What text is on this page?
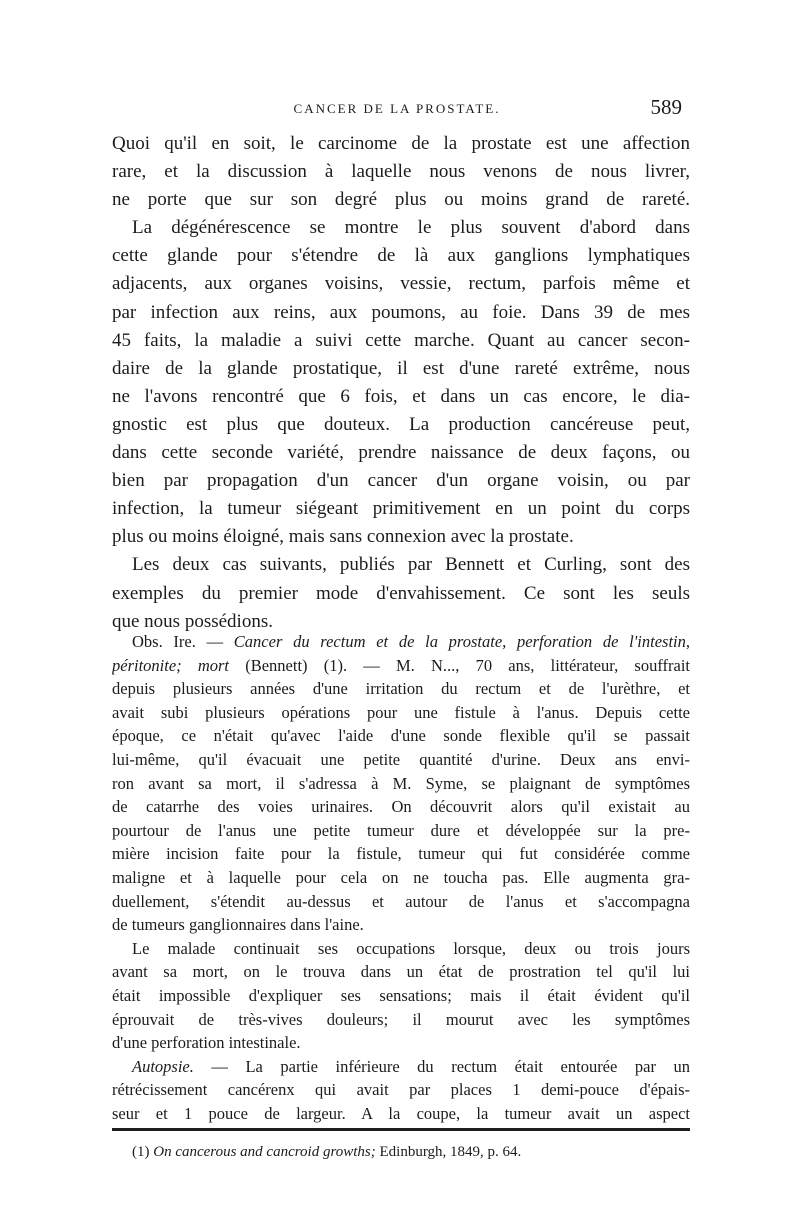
CANCER DE LA PROSTATE.	589
Quoi qu'il en soit, le carcinome de la prostate est une affection
rare, et la discussion à laquelle nous venons de nous livrer,
ne porte que sur son degré plus ou moins grand de rareté.
La dégénérescence se montre le plus souvent d'abord dans
cette glande pour s'étendre de là aux ganglions lymphatiques
adjacents, aux organes voisins, vessie, rectum, parfois même et
par infection aux reins, aux poumons, au foie. Dans 39 de mes
45 faits, la maladie a suivi cette marche. Quant au cancer secon-
daire de la glande prostatique, il est d'une rareté extrême, nous
ne l'avons rencontré que 6 fois, et dans un cas encore, le dia-
gnostic est plus que douteux. La production cancéreuse peut,
dans cette seconde variété, prendre naissance de deux façons, ou
bien par propagation d'un cancer d'un organe voisin, ou par
infection, la tumeur siégeant primitivement en un point du corps
plus ou moins éloigné, mais sans connexion avec la prostate.
Les deux cas suivants, publiés par Bennett et Curling, sont des
exemples du premier mode d'envahissement. Ce sont les seuls
que nous possédions.
Obs. Ire. — Cancer du rectum et de la prostate, perforation de l'intestin,
péritonite; mort (Bennett) (1). — M. N..., 70 ans, littérateur, souffrait
depuis plusieurs années d'une irritation du rectum et de l'urèthre, et
avait subi plusieurs opérations pour une fistule à l'anus. Depuis cette
époque, ce n'était qu'avec l'aide d'une sonde flexible qu'il se passait
lui-même, qu'il évacuait une petite quantité d'urine. Deux ans envi-
ron avant sa mort, il s'adressa à M. Syme, se plaignant de symptômes
de catarrhe des voies urinaires. On découvrit alors qu'il existait au
pourtour de l'anus une petite tumeur dure et développée sur la pre-
mière incision faite pour la fistule, tumeur qui fut considérée comme
maligne et à laquelle pour cela on ne toucha pas. Elle augmenta gra-
duellement, s'étendit au-dessus et autour de l'anus et s'accompagna
de tumeurs ganglionnaires dans l'aine.
Le malade continuait ses occupations lorsque, deux ou trois jours
avant sa mort, on le trouva dans un état de prostration tel qu'il lui
était impossible d'expliquer ses sensations; mais il était évident qu'il
éprouvait de très-vives douleurs; il mourut avec les symptômes
d'une perforation intestinale.
Autopsie. — La partie inférieure du rectum était entourée par un
rétrécissement cancérenx qui avait par places 1 demi-pouce d'épais-
seur et 1 pouce de largeur. A la coupe, la tumeur avait un aspect
(1) On cancerous and cancroid growths; Edinburgh, 1849, p. 64.
